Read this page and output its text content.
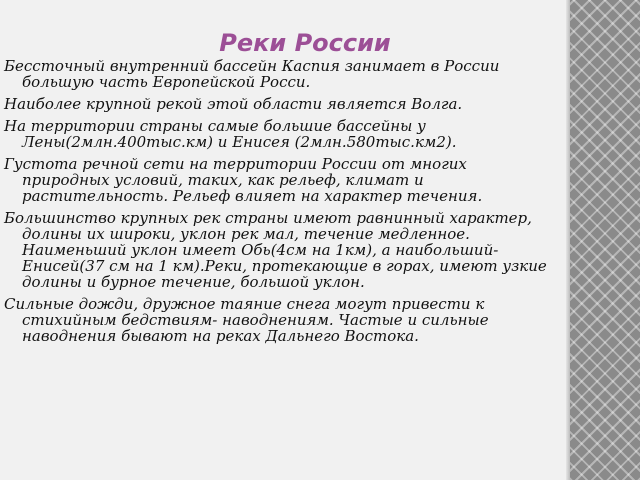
Реки России

Бессточный внутренний бассейн Каспия занимает в России большую часть Европейской Росси.

Наиболее крупной рекой этой области является Волга.

На территории страны самые большие бассейны у Лены(2млн.400тыс.км) и Енисея (2млн.580тыс.км2).

Густота речной сети на территории России от многих природных условий, таких, как рельеф, климат и растительность. Рельеф влияет на характер течения.

Большинство крупных рек страны имеют равнинный характер, долины их широки, уклон рек мал, течение медленное. Наименьший уклон имеет Обь(4см на 1км), а наибольший- Енисей(37 см на 1 км).Реки, протекающие в горах, имеют узкие долины и бурное течение, большой уклон.

Сильные дожди, дружное таяние снега могут привести к стихийным бедствиям- наводнениям. Частые и сильные наводнения бывают на реках Дальнего Востока.
